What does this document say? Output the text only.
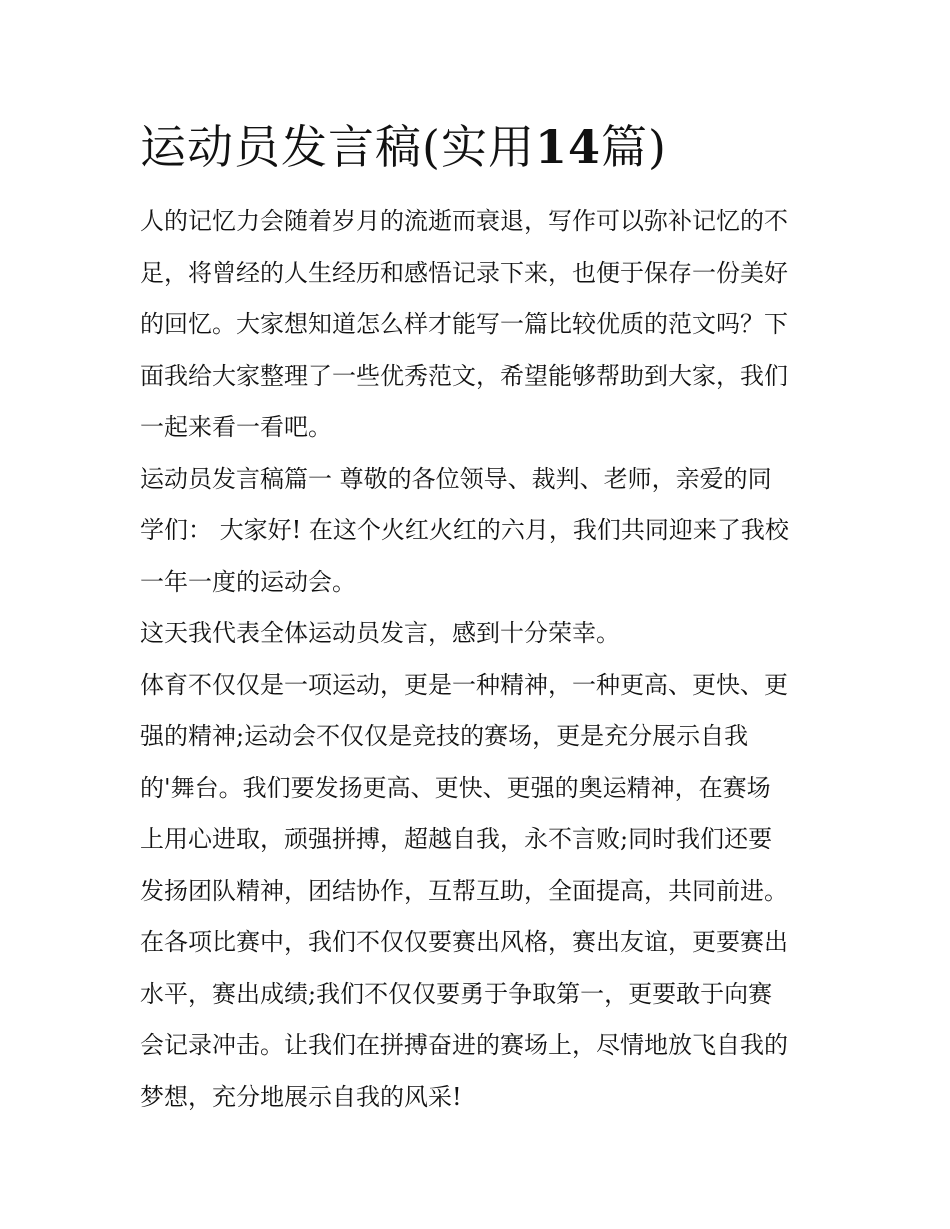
运动员发言稿(实用14篇)
人的记忆力会随着岁月的流逝而衰退，写作可以弥补记忆的不
足，将曾经的人生经历和感悟记录下来，也便于保存一份美好
的回忆。大家想知道怎么样才能写一篇比较优质的范文吗？下
面我给大家整理了一些优秀范文，希望能够帮助到大家，我们
一起来看一看吧。
运动员发言稿篇一 尊敬的各位领导、裁判、老师，亲爱的同
学们： 大家好! 在这个火红火红的六月，我们共同迎来了我校
一年一度的运动会。
这天我代表全体运动员发言，感到十分荣幸。
体育不仅仅是一项运动，更是一种精神，一种更高、更快、更
强的精神;运动会不仅仅是竞技的赛场，更是充分展示自我
的'舞台。我们要发扬更高、更快、更强的奥运精神，在赛场
上用心进取，顽强拼搏，超越自我，永不言败;同时我们还要
发扬团队精神，团结协作，互帮互助，全面提高，共同前进。
在各项比赛中，我们不仅仅要赛出风格，赛出友谊，更要赛出
水平，赛出成绩;我们不仅仅要勇于争取第一，更要敢于向赛
会记录冲击。让我们在拼搏奋进的赛场上，尽情地放飞自我的
梦想，充分地展示自我的风采!
